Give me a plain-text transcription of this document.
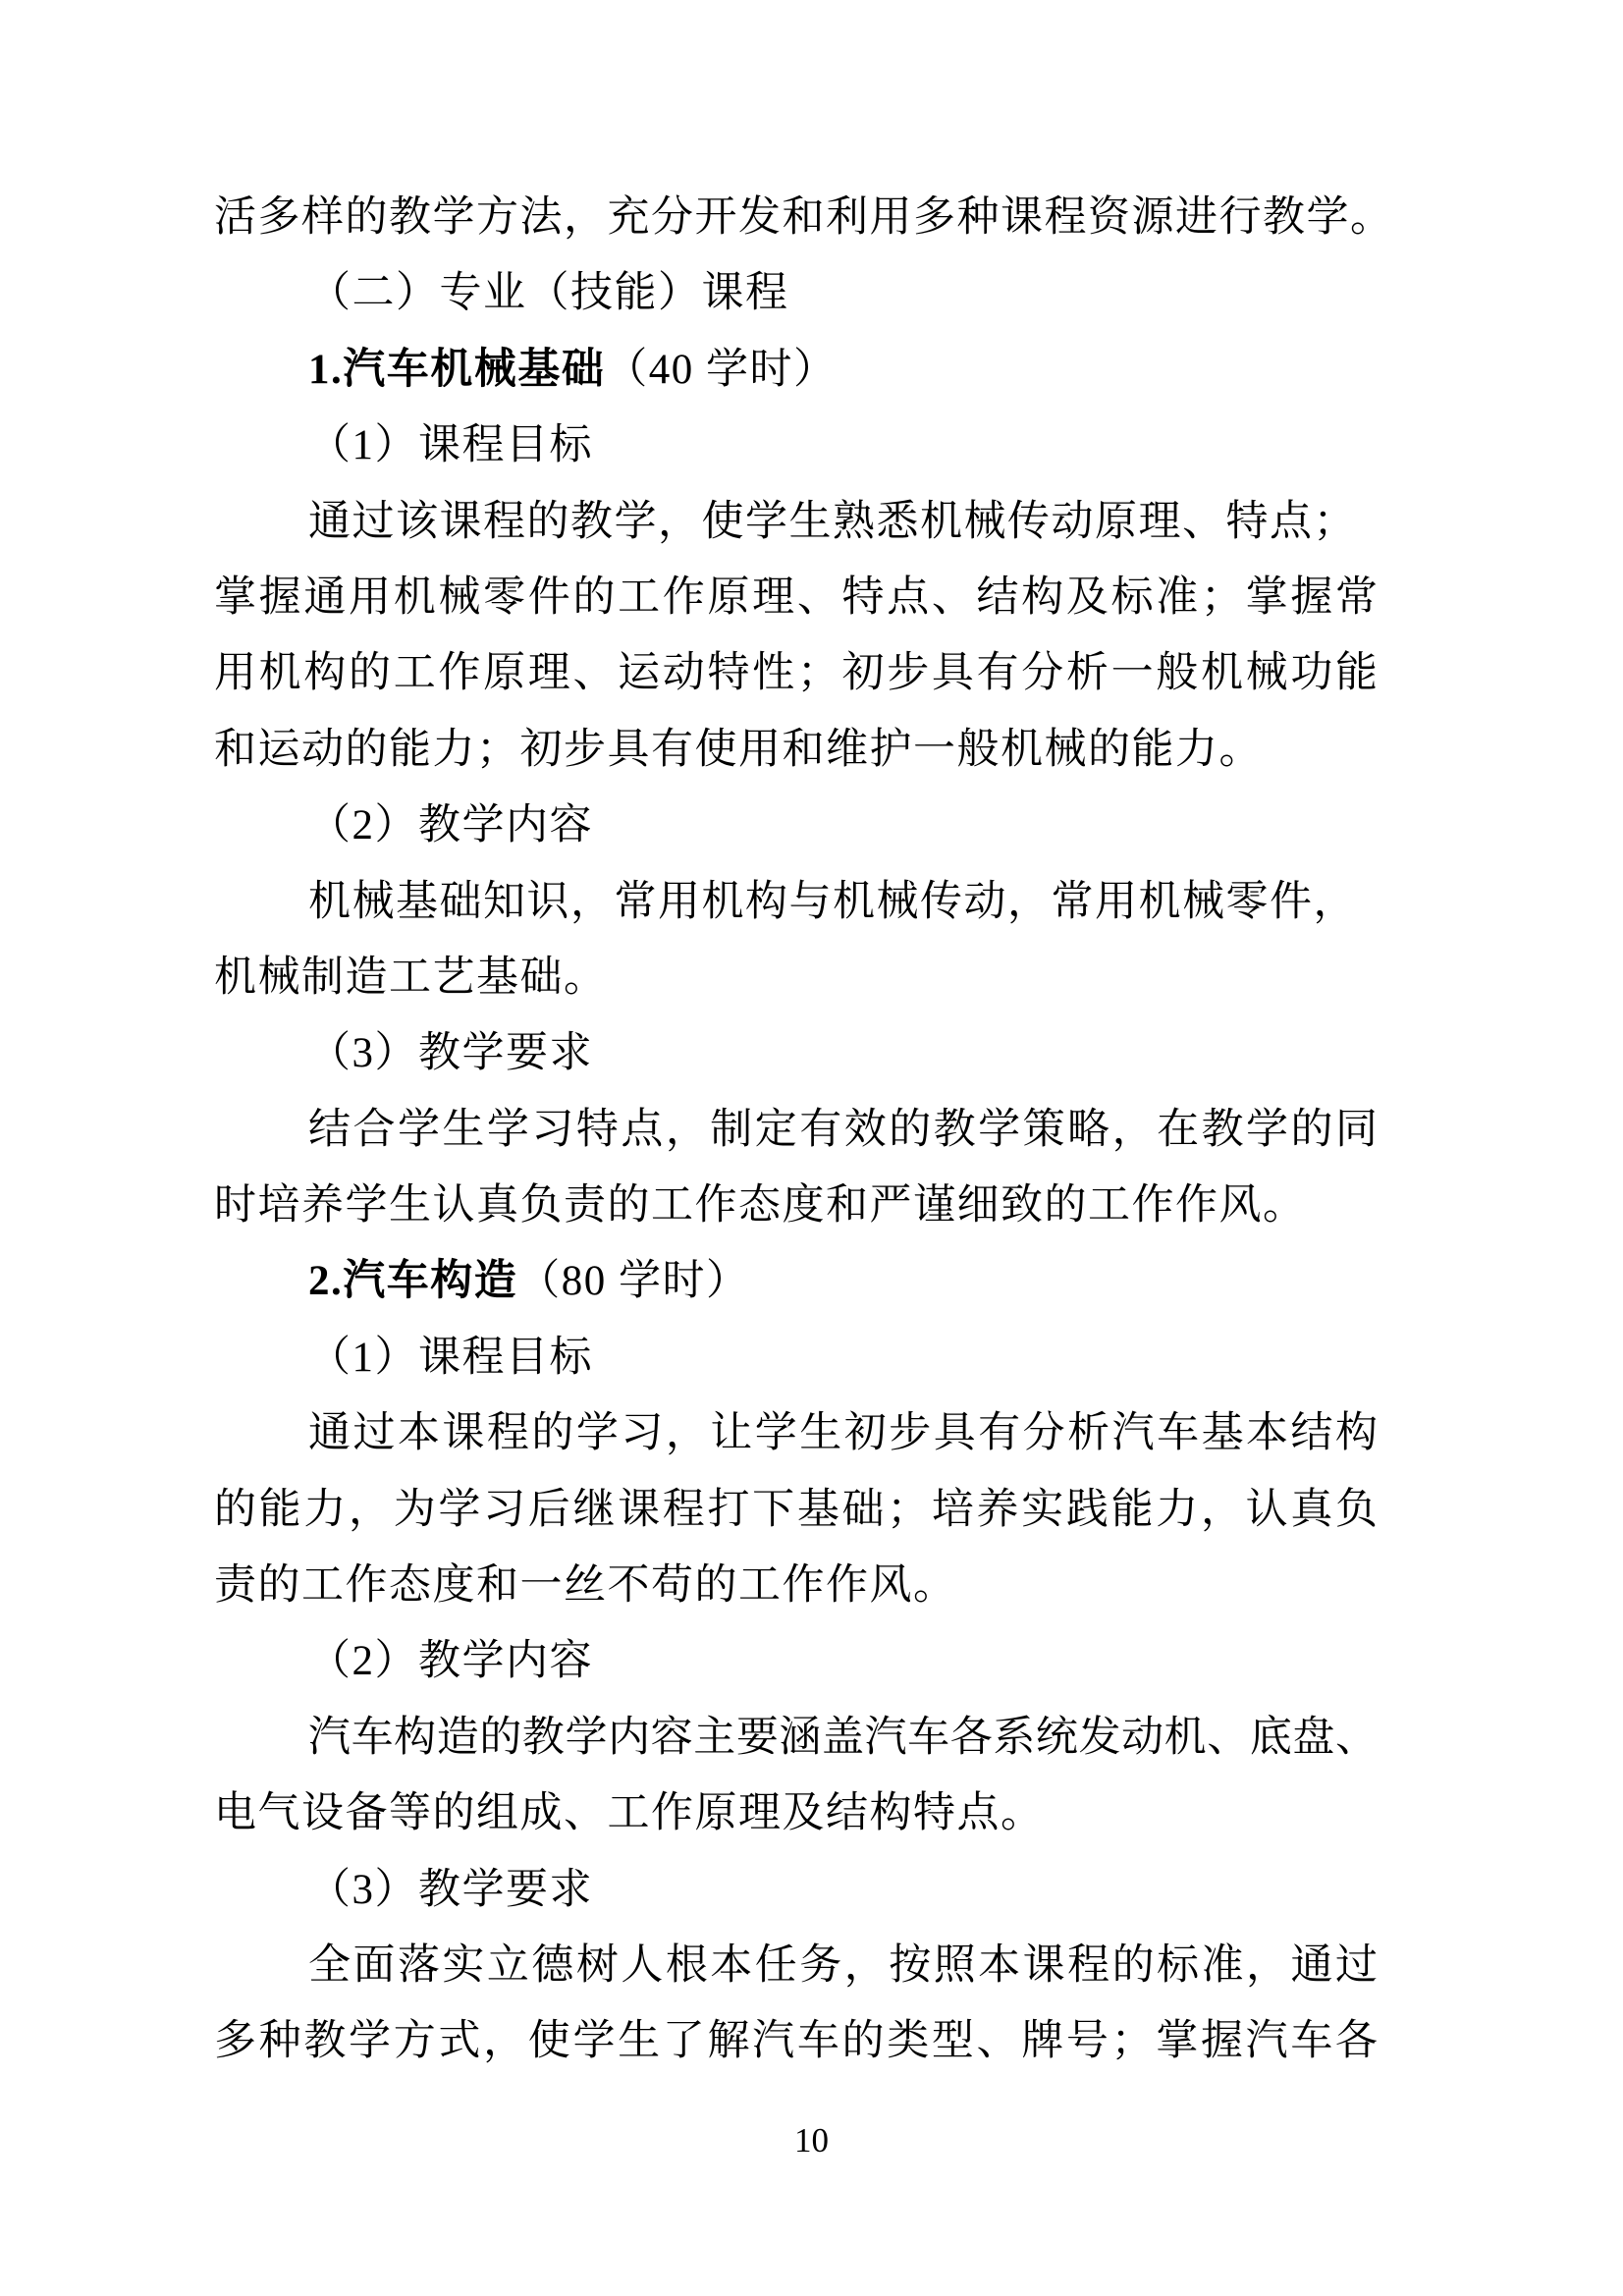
活多样的教学方法，充分开发和利用多种课程资源进行教学。
（二）专业（技能）课程
1.汽车机械基础（40 学时）
（1）课程目标
通过该课程的教学，使学生熟悉机械传动原理、特点；
掌握通用机械零件的工作原理、特点、结构及标准；掌握常
用机构的工作原理、运动特性；初步具有分析一般机械功能
和运动的能力；初步具有使用和维护一般机械的能力。
（2）教学内容
机械基础知识，常用机构与机械传动，常用机械零件，
机械制造工艺基础。
（3）教学要求
结合学生学习特点，制定有效的教学策略，在教学的同
时培养学生认真负责的工作态度和严谨细致的工作作风。
2.汽车构造（80 学时）
（1）课程目标
通过本课程的学习，让学生初步具有分析汽车基本结构
的能力，为学习后继课程打下基础；培养实践能力，认真负
责的工作态度和一丝不苟的工作作风。
（2）教学内容
汽车构造的教学内容主要涵盖汽车各系统发动机、底盘、
电气设备等的组成、工作原理及结构特点。
（3）教学要求
全面落实立德树人根本任务，按照本课程的标准，通过
多种教学方式，使学生了解汽车的类型、牌号；掌握汽车各
10
